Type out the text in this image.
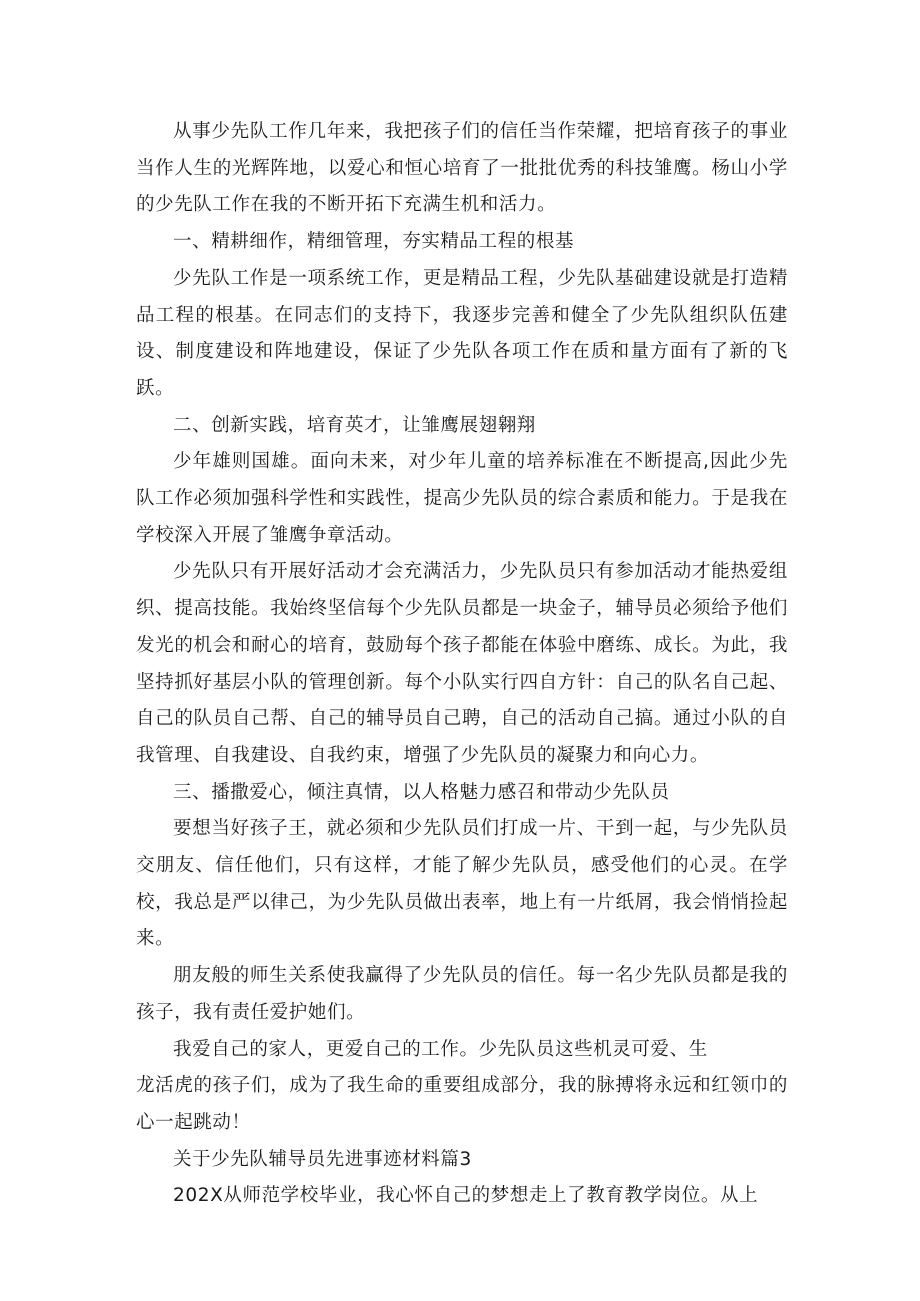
从事少先队工作几年来，我把孩子们的信任当作荣耀，把培育孩子的事业当作人生的光辉阵地，以爱心和恒心培育了一批批优秀的科技雏鹰。杨山小学的少先队工作在我的不断开拓下充满生机和活力。

一、精耕细作，精细管理，夯实精品工程的根基

少先队工作是一项系统工作，更是精品工程，少先队基础建设就是打造精品工程的根基。在同志们的支持下，我逐步完善和健全了少先队组织队伍建设、制度建设和阵地建设，保证了少先队各项工作在质和量方面有了新的飞跃。

二、创新实践，培育英才，让雏鹰展翅翱翔

少年雄则国雄。面向未来，对少年儿童的培养标准在不断提高,因此少先队工作必须加强科学性和实践性，提高少先队员的综合素质和能力。于是我在学校深入开展了雏鹰争章活动。

少先队只有开展好活动才会充满活力，少先队员只有参加活动才能热爱组织、提高技能。我始终坚信每个少先队员都是一块金子，辅导员必须给予他们发光的机会和耐心的培育，鼓励每个孩子都能在体验中磨练、成长。为此，我坚持抓好基层小队的管理创新。每个小队实行四自方针：自己的队名自己起、自己的队员自己帮、自己的辅导员自己聘，自己的活动自己搞。通过小队的自我管理、自我建设、自我约束，增强了少先队员的凝聚力和向心力。

三、播撒爱心，倾注真情，以人格魅力感召和带动少先队员

要想当好孩子王，就必须和少先队员们打成一片、干到一起，与少先队员交朋友、信任他们，只有这样，才能了解少先队员，感受他们的心灵。在学校，我总是严以律己，为少先队员做出表率，地上有一片纸屑，我会悄悄捡起来。

朋友般的师生关系使我赢得了少先队员的信任。每一名少先队员都是我的孩子，我有责任爱护她们。

我爱自己的家人，更爱自己的工作。少先队员这些机灵可爱、生
龙活虎的孩子们，成为了我生命的重要组成部分，我的脉搏将永远和红领巾的心一起跳动！

关于少先队辅导员先进事迹材料篇3

202X从师范学校毕业，我心怀自己的梦想走上了教育教学岗位。从上
